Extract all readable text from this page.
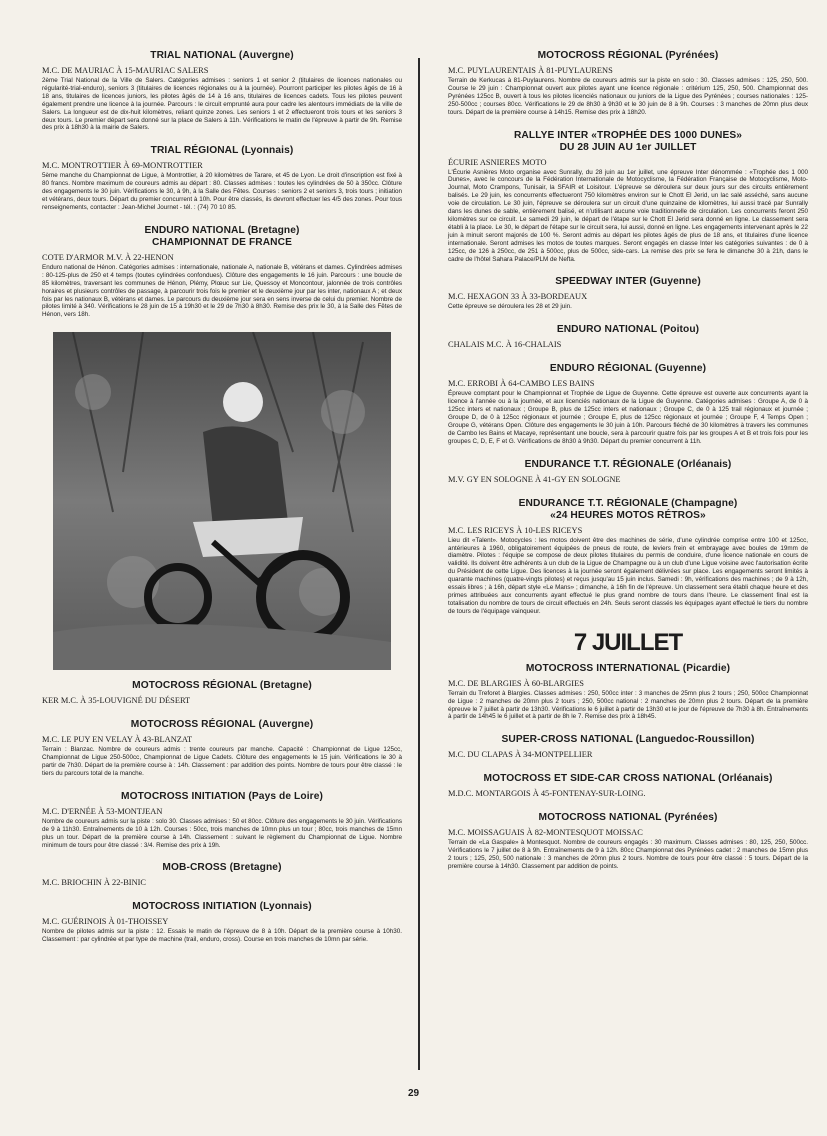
TRIAL NATIONAL (Auvergne)
M.C. DE MAURIAC À 15-MAURIAC SALERS
2ème Trial National de la Ville de Salers. Catégories admises : seniors 1 et senior 2 (titulaires de licences nationales ou régularité-trial-enduro), seniors 3 (titulaires de licences régionales ou à la journée). Pourront participer les pilotes âgés de 16 à 18 ans, titulaires de licences juniors, les pilotes âgés de 14 à 16 ans, titulaires de licences cadets. Tous les pilotes peuvent également prendre une licence à la journée. Parcours : le circuit emprunté aura pour cadre les alentours immédiats de la ville de Salers. La longueur est de dix-huit kilomètres, reliant quinze zones. Les seniors 1 et 2 effectueront trois tours et les seniors 3 deux tours. Le premier départ sera donné sur la place de Salers à 11h. Vérifications le matin de l'épreuve à partir de 9h. Remise des prix à 18h30 à la mairie de Salers.
TRIAL RÉGIONAL (Lyonnais)
M.C. MONTROTTIER À 69-MONTROTTIER
5ème manche du Championnat de Ligue, à Montrottier, à 20 kilomètres de Tarare, et 45 de Lyon. Le droit d'inscription est fixé à 80 francs. Nombre maximum de coureurs admis au départ : 80. Classes admises : toutes les cylindrées de 50 à 350cc. Clôture des engagements le 30 juin. Vérifications le 30, à 9h, à la Salle des Fêtes. Courses : seniors 2 et seniors 3, trois tours ; initiation et vétérans, deux tours. Départ du premier concurrent à 10h. Pour être classés, ils devront effectuer les 4/5 des zones. Pour tous renseignements, contacter : Jean-Michel Journet - tél. : (74) 70 10 85.
ENDURO NATIONAL (Bretagne)
CHAMPIONNAT DE FRANCE
COTE D'ARMOR M.V. À 22-HENON
Enduro national de Hénon. Catégories admises : internationale, nationale A, nationale B, vétérans et dames. Cylindrées admises : 80-125-plus de 250 et 4 temps (toutes cylindrées confondues). Clôture des engagements le 16 juin. Parcours : une boucle de 85 kilomètres, traversant les communes de Hénon, Plémy, Plœuc sur Lie, Quessoy et Moncontour, jalonnée de trois contrôles horaires et plusieurs contrôles de passage, à parcourir trois fois le premier et le deuxième jour par les inter, nationaux A ; et deux fois par les nationaux B, vétérans et dames. Le parcours du deuxième jour sera en sens inverse de celui du premier. Nombre de pilotes limité à 340. Vérifications le 28 juin de 15 à 19h30 et le 29 de 7h30 à 8h30. Remise des prix le 30, à la Salle des Fêtes de Hénon, vers 18h.
MOTOCROSS RÉGIONAL (Bretagne)
KER M.C. À 35-LOUVIGNÉ DU DÉSERT
MOTOCROSS RÉGIONAL (Auvergne)
M.C. LE PUY EN VELAY À 43-BLANZAT
Terrain : Blanzac. Nombre de coureurs admis : trente coureurs par manche. Capacité : Championnat de Ligue 125cc, Championnat de Ligue 250-500cc, Championnat de Ligue Cadets. Clôture des engagements le 15 juin. Vérifications le 30 à partir de 7h30. Départ de la première course à : 14h. Classement : par addition des points. Nombre de tours pour être classé : le tiers du parcours total de la manche.
MOTOCROSS INITIATION (Pays de Loire)
M.C. D'ERNÉE À 53-MONTJEAN
Nombre de coureurs admis sur la piste : solo 30. Classes admises : 50 et 80cc. Clôture des engagements le 30 juin. Vérifications de 9 à 11h30. Entraînements de 10 à 12h. Courses : 50cc, trois manches de 10mn plus un tour ; 80cc, trois manches de 15mn plus un tour. Départ de la première course à 14h. Classement : suivant le règlement du Championnat de Ligue. Nombre minimum de tours pour être classé : 3/4. Remise des prix à 19h.
MOB-CROSS (Bretagne)
M.C. BRIOCHIN À 22-BINIC
MOTOCROSS INITIATION (Lyonnais)
M.C. GUÉRINOIS À 01-THOISSEY
Nombre de pilotes admis sur la piste : 12. Essais le matin de l'épreuve de 8 à 10h. Départ de la première course à 10h30. Classement : par cylindrée et par type de machine (trail, enduro, cross). Course en trois manches de 10mn par série.
MOTOCROSS RÉGIONAL (Pyrénées)
M.C. PUYLAURENTAIS À 81-PUYLAURENS
Terrain de Kerkucas à 81-Puylaurens. Nombre de coureurs admis sur la piste en solo : 30. Classes admises : 125, 250, 500. Course le 29 juin : Championnat ouvert aux pilotes ayant une licence régionale : critérium 125, 250, 500. Championnat des Pyrénées 125cc B, ouvert à tous les pilotes licenciés nationaux ou juniors de la Ligue des Pyrénées ; courses nationales : 125-250-500cc ; courses 80cc. Vérifications le 29 de 8h30 à 9h30 et le 30 juin de 8 à 9h. Courses : 3 manches de 20mn plus deux tours. Départ de la première course à 14h15. Remise des prix à 18h20.
RALLYE INTER «TROPHÉE DES 1000 DUNES»
DU 28 JUIN AU 1er JUILLET
ÉCURIE ASNIERES MOTO
L'Écurie Asnières Moto organise avec Sunrally, du 28 juin au 1er juillet, une épreuve Inter dénommée : «Trophée des 1 000 Dunes», avec le concours de la Fédération Internationale de Motocyclisme, la Fédération Française de Motocyclisme, Moto-Journal, Moto Crampons, Tunisair, la SFAIR et Loisitour. L'épreuve se déroulera sur deux jours sur des circuits entièrement balisés. Le 29 juin, les concurrents effectueront 750 kilomètres environ sur le Chott El Jerid, un lac salé asséché, sans aucune voie de circulation. Le 30 juin, l'épreuve se déroulera sur un circuit d'une quinzaine de kilomètres, lui aussi tracé par Sunrally dans les dunes de sable, entièrement balisé, et n'utilisant aucune voie traditionnelle de circulation. Les concurrents feront 250 kilomètres sur ce circuit. Le samedi 29 juin, le départ de l'étape sur le Chott El Jerid sera donné en ligne. Le classement sera établi à la place. Le 30, le départ de l'étape sur le circuit sera, lui aussi, donné en ligne. Les engagements intervenant après le 22 juin à minuit seront majorés de 100 %. Seront admis au départ les pilotes âgés de plus de 18 ans, et titulaires d'une licence internationale. Seront admises les motos de toutes marques. Seront engagés en classe Inter les catégories suivantes : de 0 à 125cc, de 126 à 250cc, de 251 à 500cc, plus de 500cc, side-cars. La remise des prix se fera le dimanche 30 à 21h, dans le cadre de l'hôtel Sahara Palace/PLM de Nefta.
SPEEDWAY INTER (Guyenne)
M.C. HEXAGON 33 À 33-BORDEAUX
Cette épreuve se déroulera les 28 et 29 juin.
ENDURO NATIONAL (Poitou)
CHALAIS M.C. À 16-CHALAIS
ENDURO RÉGIONAL (Guyenne)
M.C. ERROBI À 64-CAMBO LES BAINS
Épreuve comptant pour le Championnat et Trophée de Ligue de Guyenne. Cette épreuve est ouverte aux concurrents ayant la licence à l'année ou à la journée, et aux licenciés nationaux de la Ligue de Guyenne. Catégories admises : Groupe A, de 0 à 125cc inters et nationaux ; Groupe B, plus de 125cc inters et nationaux ; Groupe C, de 0 à 125 trail régionaux et journée ; Groupe D, de 0 à 125cc régionaux et journée ; Groupe E, plus de 125cc régionaux et journée ; Groupe F, 4 Temps Open ; Groupe G, vétérans Open. Clôture des engagements le 30 juin à 10h. Parcours fléché de 30 kilomètres à travers les communes de Cambo les Bains et Macaye, représentant une boucle, sera à parcourir quatre fois par les groupes A et B et trois fois pour les groupes C, D, E, F et G. Vérifications de 8h30 à 9h30. Départ du premier concurrent à 11h.
ENDURANCE T.T. RÉGIONALE (Orléanais)
M.V. GY EN SOLOGNE À 41-GY EN SOLOGNE
ENDURANCE T.T. RÉGIONALE (Champagne)
«24 HEURES MOTOS RÉTROS»
M.C. LES RICEYS À 10-LES RICEYS
Lieu dit «Talent». Motocycles : les motos doivent être des machines de série, d'une cylindrée comprise entre 100 et 125cc, antérieures à 1960, obligatoirement équipées de pneus de route, de leviers frein et embrayage avec boules de 19mm de diamètre. Pilotes : l'équipe se compose de deux pilotes titulaires du permis de conduire, d'une licence nationale en cours de validité. Ils doivent être adhérents à un club de la Ligue de Champagne ou à un club d'une Ligue voisine avec l'autorisation écrite du Président de cette Ligue. Des licences à la journée seront également délivrées sur place. Les engagements seront limités à quarante machines (quatre-vingts pilotes) et reçus jusqu'au 15 juin inclus. Samedi : 9h, vérifications des machines ; de 9 à 12h, essais libres ; à 16h, départ style «Le Mans» ; dimanche, à 16h fin de l'épreuve. Un classement sera établi chaque heure et des primes attribuées aux concurrents ayant effectué le plus grand nombre de tours dans l'heure. Le classement final est la totalisation du nombre de tours de circuit effectués en 24h. Seuls seront classés les équipages ayant effectué le tiers du nombre de tours de l'équipage vainqueur.
7 JUILLET
MOTOCROSS INTERNATIONAL (Picardie)
M.C. DE BLARGIES À 60-BLARGIES
Terrain du Treforet à Blargies. Classes admises : 250, 500cc inter : 3 manches de 25mn plus 2 tours ; 250, 500cc Championnat de Ligue : 2 manches de 20mn plus 2 tours ; 250, 500cc national : 2 manches de 20mn plus 2 tours. Départ de la première épreuve le 7 juillet à partir de 13h30. Vérifications le 6 juillet à partir de 13h30 et le jour de l'épreuve de 7h30 à 8h. Entraînements à partir de 14h45 le 6 juillet et à partir de 8h le 7. Remise des prix à 18h45.
SUPER-CROSS NATIONAL (Languedoc-Roussillon)
M.C. DU CLAPAS À 34-MONTPELLIER
MOTOCROSS ET SIDE-CAR CROSS NATIONAL (Orléanais)
M.D.C. MONTARGOIS À 45-FONTENAY-SUR-LOING.
MOTOCROSS NATIONAL (Pyrénées)
M.C. MOISSAGUAIS À 82-MONTESQUOT MOISSAC
Terrain de «La Gaspale» à Montesquot. Nombre de coureurs engagés : 30 maximum. Classes admises : 80, 125, 250, 500cc. Vérifications le 7 juillet de 8 à 9h. Entraînements de 9 à 12h. 80cc Championnat des Pyrénées cadet : 2 manches de 15mn plus 2 tours ; 125, 250, 500 nationale : 3 manches de 20mn plus 2 tours. Nombre de tours pour être classé : 5 tours. Départ de la première course à 14h30. Classement par addition de points.
29
